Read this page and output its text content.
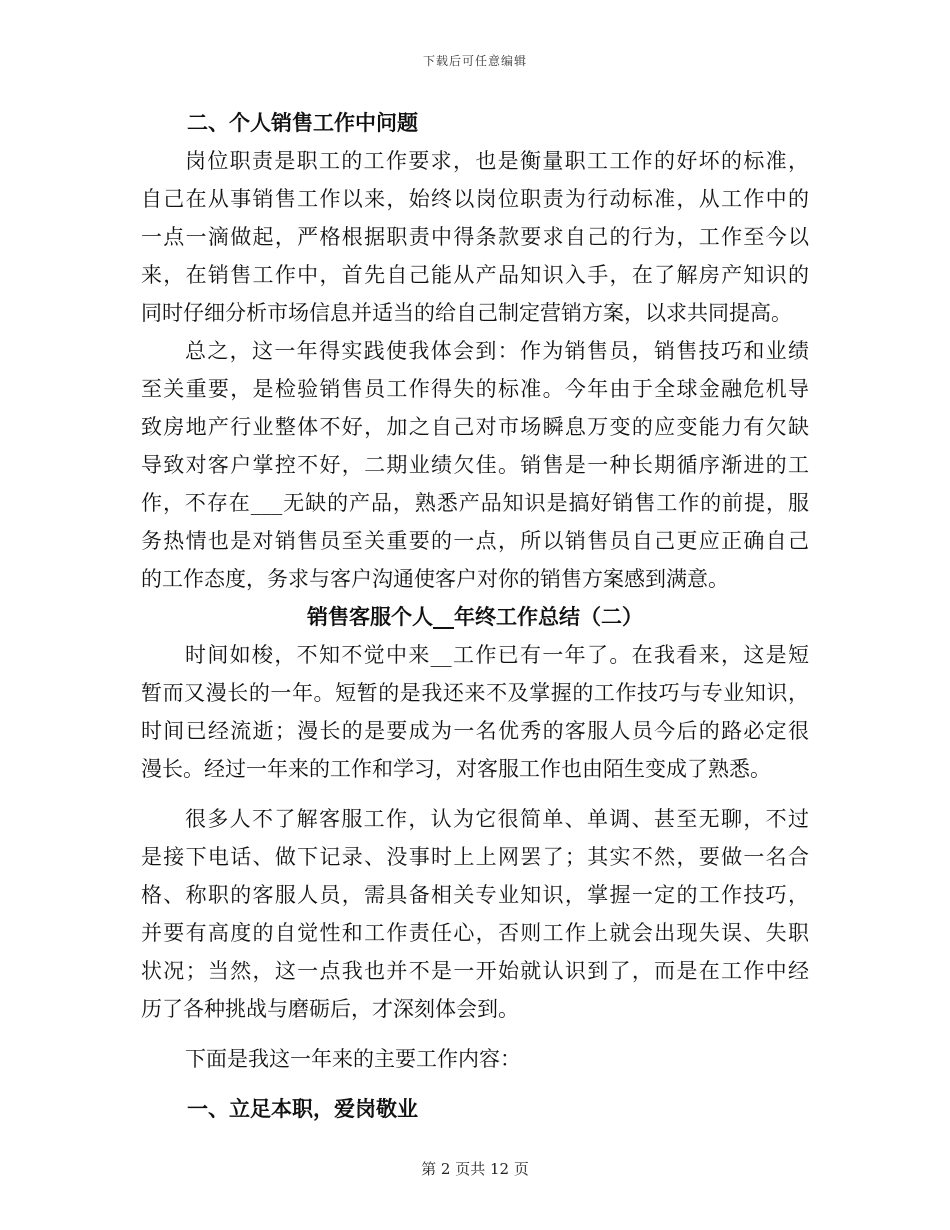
下载后可任意编辑
二、个人销售工作中问题
岗位职责是职工的工作要求，也是衡量职工工作的好坏的标准，
自己在从事销售工作以来，始终以岗位职责为行动标准，从工作中的
一点一滴做起，严格根据职责中得条款要求自己的行为，工作至今以
来，在销售工作中，首先自己能从产品知识入手，在了解房产知识的
同时仔细分析市场信息并适当的给自己制定营销方案，以求共同提高。
总之，这一年得实践使我体会到：作为销售员，销售技巧和业绩
至关重要，是检验销售员工作得失的标准。今年由于全球金融危机导
致房地产行业整体不好，加之自己对市场瞬息万变的应变能力有欠缺
导致对客户掌控不好，二期业绩欠佳。销售是一种长期循序渐进的工
作，不存在___无缺的产品，熟悉产品知识是搞好销售工作的前提，服
务热情也是对销售员至关重要的一点，所以销售员自己更应正确自己
的工作态度，务求与客户沟通使客户对你的销售方案感到满意。
销售客服个人__年终工作总结（二）
时间如梭，不知不觉中来__工作已有一年了。在我看来，这是短
暂而又漫长的一年。短暂的是我还来不及掌握的工作技巧与专业知识，
时间已经流逝；漫长的是要成为一名优秀的客服人员今后的路必定很
漫长。经过一年来的工作和学习，对客服工作也由陌生变成了熟悉。
很多人不了解客服工作，认为它很简单、单调、甚至无聊，不过
是接下电话、做下记录、没事时上上网罢了；其实不然，要做一名合
格、称职的客服人员，需具备相关专业知识，掌握一定的工作技巧，
并要有高度的自觉性和工作责任心，否则工作上就会出现失误、失职
状况；当然，这一点我也并不是一开始就认识到了，而是在工作中经
历了各种挑战与磨砺后，才深刻体会到。
下面是我这一年来的主要工作内容：
一、立足本职，爱岗敬业
第 2 页共 12 页
